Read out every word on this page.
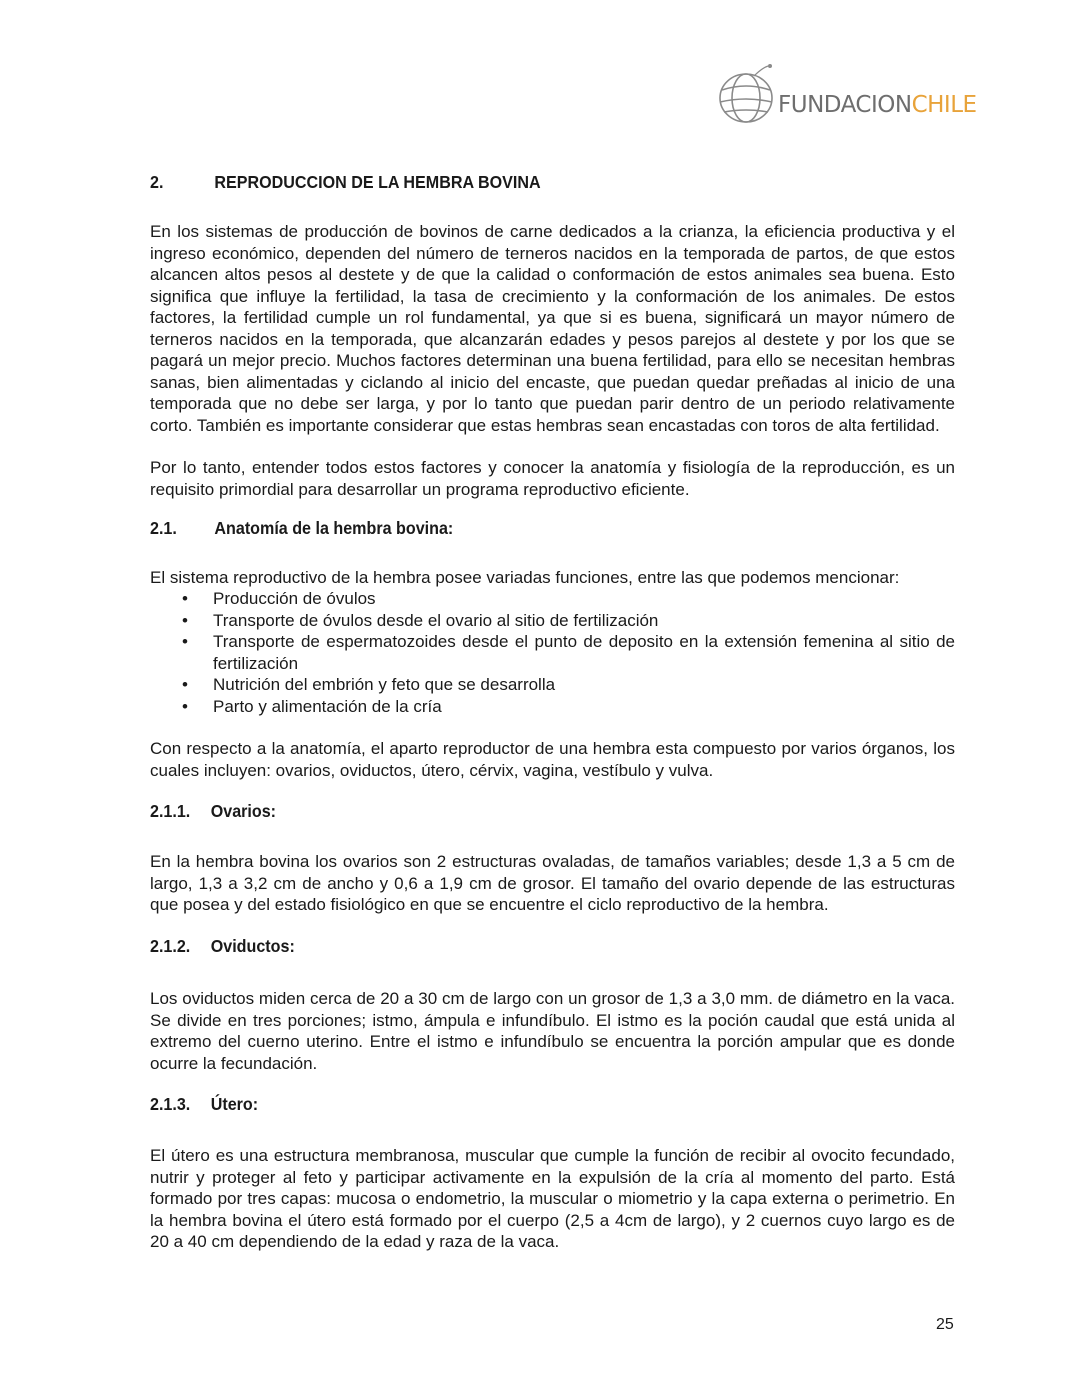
FUNDACIONCHILE
2.	REPRODUCCION DE LA HEMBRA BOVINA

En los sistemas de producción de bovinos de carne dedicados a la crianza, la eficiencia productiva y el ingreso económico, dependen del número de terneros nacidos en la temporada de partos, de que estos alcancen altos pesos al destete y de que la calidad o conformación de estos animales sea buena. Esto significa que influye la fertilidad, la tasa de crecimiento y la conformación de los animales. De estos factores, la fertilidad cumple un rol fundamental, ya que si es buena, significará un mayor número de terneros nacidos en la temporada, que alcanzarán edades y pesos parejos al destete y por los que se pagará un mejor precio. Muchos factores determinan una buena fertilidad, para ello se necesitan hembras sanas, bien alimentadas y ciclando al inicio del encaste, que puedan quedar preñadas al inicio de una temporada que no debe ser larga, y por lo tanto que puedan parir dentro de un periodo relativamente corto. También es importante considerar que estas hembras sean encastadas con toros de alta fertilidad.

Por lo tanto, entender todos estos factores y conocer la anatomía y fisiología de la reproducción, es un requisito primordial para desarrollar un programa reproductivo eficiente.

2.1. Anatomía de la hembra bovina:

El sistema reproductivo de la hembra posee variadas funciones, entre las que podemos mencionar:

• Producción de óvulos
• Transporte de óvulos desde el ovario al sitio de fertilización
• Transporte de espermatozoides desde el punto de deposito en la extensión femenina al sitio de fertilización
• Nutrición del embrión y feto que se desarrolla
• Parto y alimentación de la cría

Con respecto a la anatomía, el aparto reproductor de una hembra esta compuesto por varios órganos, los cuales incluyen: ovarios, oviductos, útero, cérvix, vagina, vestíbulo y vulva.

2.1.1. Ovarios:

En la hembra bovina los ovarios son 2 estructuras ovaladas, de tamaños variables; desde 1,3 a 5 cm de largo, 1,3 a 3,2 cm de ancho y 0,6 a 1,9 cm de grosor. El tamaño del ovario depende de las estructuras que posea y del estado fisiológico en que se encuentre el ciclo reproductivo de la hembra.

2.1.2. Oviductos:

Los oviductos miden cerca de 20 a 30 cm de largo con un grosor de 1,3 a 3,0 mm. de diámetro en la vaca. Se divide en tres porciones; istmo, ámpula e infundíbulo. El istmo es la poción caudal que está unida al extremo del cuerno uterino. Entre el istmo e infundíbulo se encuentra la porción ampular que es donde ocurre la fecundación.

2.1.3. Útero:

El útero es una estructura membranosa, muscular que cumple la función de recibir al ovocito fecundado, nutrir y proteger al feto y participar activamente en la expulsión de la cría al momento del parto. Está formado por tres capas: mucosa o endometrio, la muscular o miometrio y la capa externa o perimetrio. En la hembra bovina el útero está formado por el cuerpo (2,5 a 4cm de largo), y 2 cuernos cuyo largo es de 20 a 40 cm dependiendo de la edad y raza de la vaca.

25
